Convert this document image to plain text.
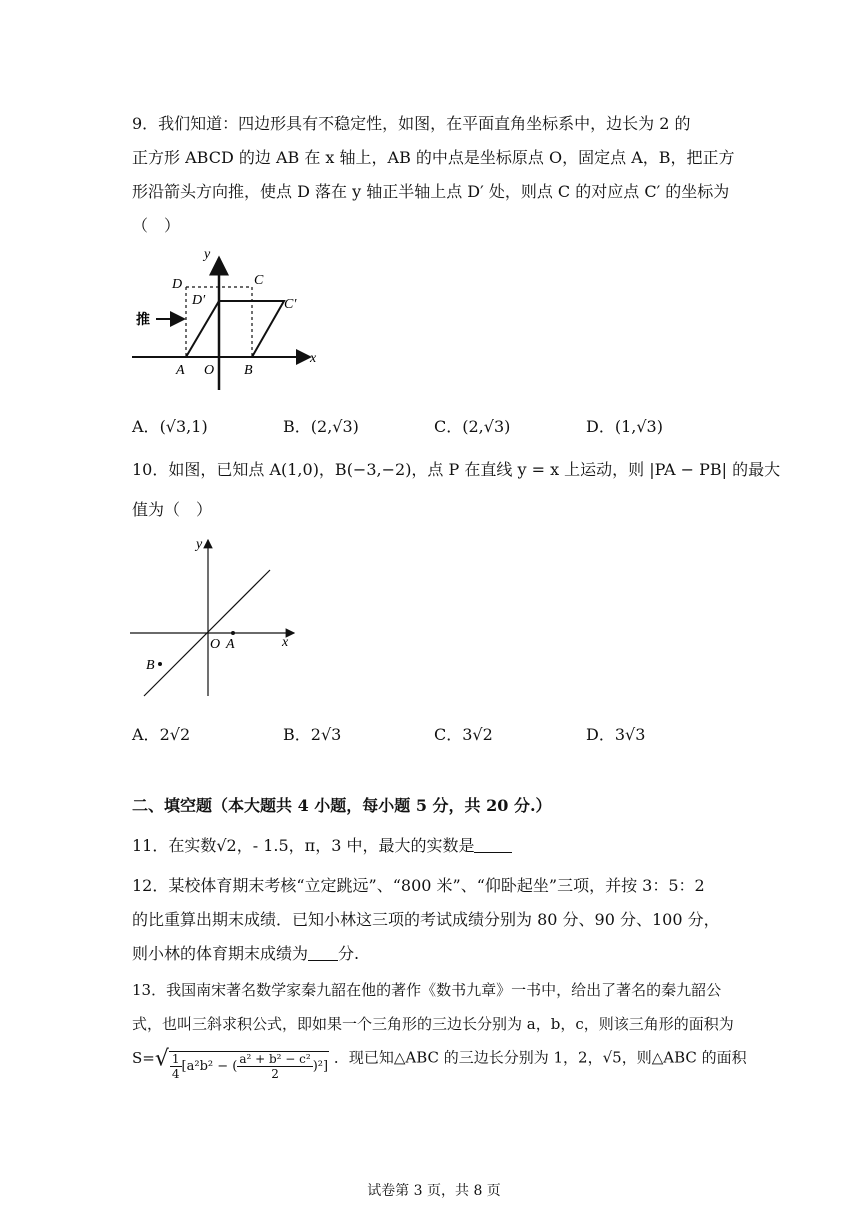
9．我们知道：四边形具有不稳定性，如图，在平面直角坐标系中，边长为 2 的
正方形 ABCD 的边 AB 在 x 轴上，AB 的中点是坐标原点 O，固定点 A，B，把正方
形沿箭头方向推，使点 D 落在 y 轴正半轴上点 D′ 处，则点 C 的对应点 C′ 的坐标为
（　）
推
D
D′
C
C′
A O B
x
y
A．(√3,1)	B．(2,√3)	C．(2,√3)	D．(1,√3)
10．如图，已知点 A(1,0)，B(−3,−2)，点 P 在直线 y = x 上运动，则 |PA − PB| 的最大
值为（　）
x
y
O A
B
A．2√2	B．2√3	C．3√2	D．3√3
二、填空题（本大题共 4 小题，每小题 5 分，共 20 分.）
11．在实数√2，- 1.5，π，3 中，最大的实数是
12．某校体育期末考核“立定跳远”、“800 米”、“仰卧起坐”三项，并按 3：5：2
的比重算出期末成绩．已知小林这三项的考试成绩分别为 80 分、90 分、100 分，
则小林的体育期末成绩为 分.
13．我国南宋著名数学家秦九韶在他的著作《数书九章》一书中，给出了著名的秦九韶公
式，也叫三斜求积公式，即如果一个三角形的三边长分别为 a，b，c，则该三角形的面积为
$S=√ \frac{1}{4} [a^2b^2$ − ( $\frac{\text{a² + b² − c²}}{2} )^2$] ．现已知△ABC 的三边长分别为 1，2，√5，则△ABC 的面积
试卷第 3 页，共 8 页
